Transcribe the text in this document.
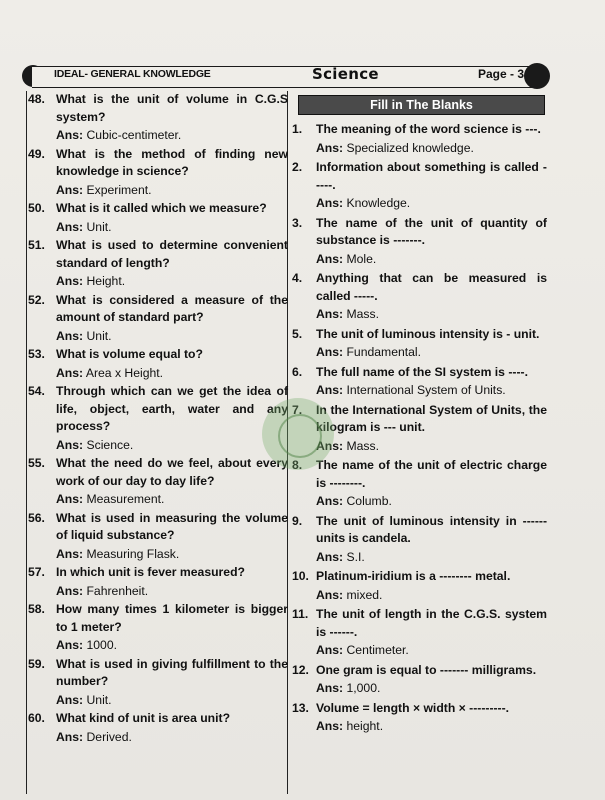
IDEAL- GENERAL KNOWLEDGE	Science	Page - 3
48. What is the unit of volume in C.G.S system?
Ans: Cubic-centimeter.
49. What is the method of finding new knowledge in science?
Ans: Experiment.
50. What is it called which we measure?
Ans: Unit.
51. What is used to determine convenient standard of length?
Ans: Height.
52. What is considered a measure of the amount of standard part?
Ans: Unit.
53. What is volume equal to?
Ans: Area x Height.
54. Through which can we get the idea of life, object, earth, water and any process?
Ans: Science.
55. What the need do we feel, about every work of our day to day life?
Ans: Measurement.
56. What is used in measuring the volume of liquid substance?
Ans: Measuring Flask.
57. In which unit is fever measured?
Ans: Fahrenheit.
58. How many times 1 kilometer is bigger to 1 meter?
Ans: 1000.
59. What is used in giving fulfillment to the number?
Ans: Unit.
60. What kind of unit is area unit?
Ans: Derived.
Fill in The Blanks
1.	The meaning of the word science is ---.
Ans: Specialized knowledge.
2.	Information about something is called -----.
Ans: Knowledge.
3.	The name of the unit of quantity of substance is -------.
Ans: Mole.
4.	Anything that can be measured is called -----.
Ans: Mass.
5.	The unit of luminous intensity is - unit.
Ans: Fundamental.
6.	The full name of the SI system is ----.
Ans: International System of Units.
7.	In the International System of Units, the kilogram is --- unit.
Ans: Mass.
8.	The name of the unit of electric charge is --------.
Ans: Columb.
9.	The unit of luminous intensity in ------ units is candela.
Ans: S.I.
10. Platinum-iridium is a -------- metal.
Ans: mixed.
11. The unit of length in the C.G.S. system is ------.
Ans: Centimeter.
12. One gram is equal to ------- milligrams.
Ans: 1,000.
13. Volume = length × width × ---------.
Ans: height.
